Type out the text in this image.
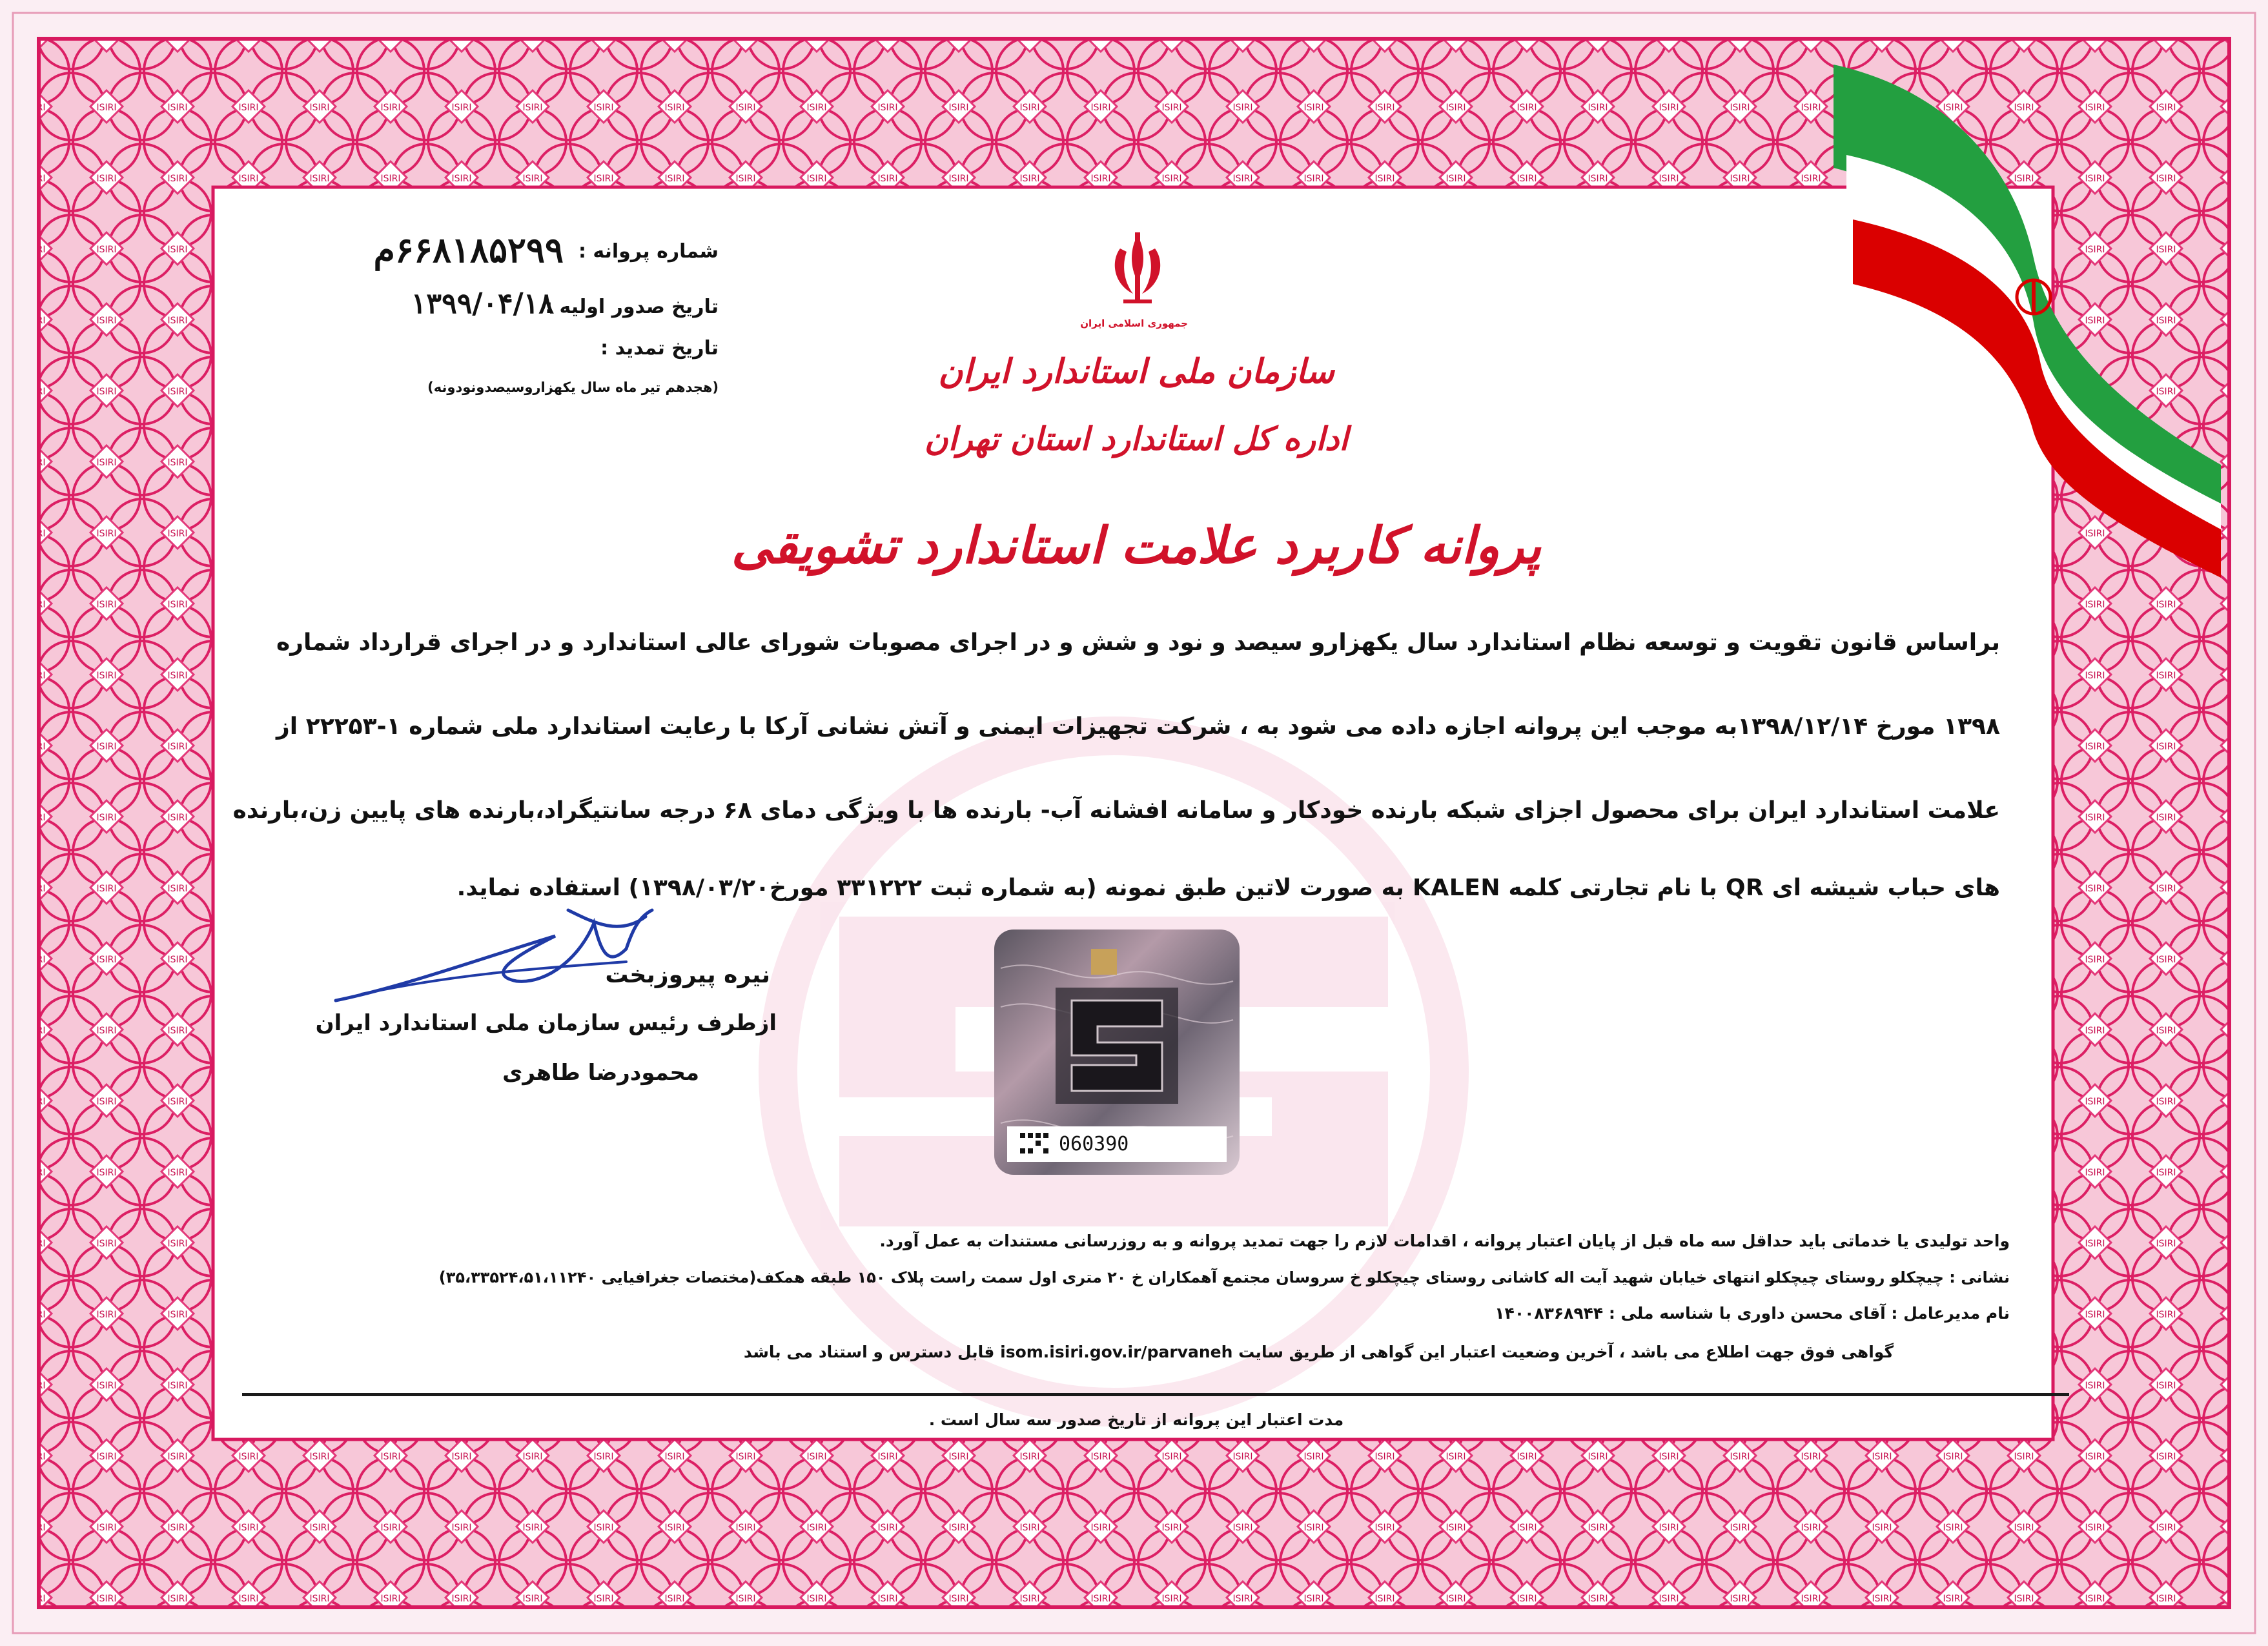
جمهوری اسلامی ایران
شماره پروانه :
۶۶۸۱۸۵۲۹۹م
تاریخ صدور اولیه :
۱۳۹۹/۰۴/۱۸
تاریخ تمدید :
(هجدهم تیر ماه سال یکهزاروسیصدونودونه)	سازمان ملی استاندارد ایران
اداره کل استاندارد استان تهران
پروانه کاربرد علامت استاندارد تشویقی
براساس قانون تقویت و توسعه نظام استاندارد سال یکهزارو سیصد و نود و شش و در اجرای مصوبات شورای عالی استاندارد و در اجرای قرارداد شماره
۱۳۹۸ مورخ ۱۳۹۸/۱۲/۱۴به موجب این پروانه اجازه داده می شود به ، شرکت تجهیزات ایمنی و آتش نشانی آرکا با رعایت استاندارد ملی شماره ۱-۲۲۲۵۳ از
علامت استاندارد ایران برای محصول اجزای شبکه بارنده خودکار و سامانه افشانه آب- بارنده ها با ویژگی دمای ۶۸ درجه سانتیگراد،بارنده های پایین زن،بارنده
های حباب شیشه ای QR با نام تجارتی کلمه KALEN به صورت لاتین طبق نمونه (به شماره ثبت ۳۳۱۲۲۲ مورخ۱۳۹۸/۰۳/۲۰) استفاده نماید.
نیره پیروزبخت
ازطرف رئیس سازمان ملی استاندارد ایران
محمودرضا طاهری
060390
واحد تولیدی یا خدماتی باید حداقل سه ماه قبل از پایان اعتبار پروانه ، اقدامات لازم را جهت تمدید پروانه و به روزرسانی مستندات به عمل آورد.
نشانی : چیچکلو روستای چیچکلو انتهای خیابان شهید آیت اله کاشانی روستای چیچکلو خ سروسان مجتمع آهمکاران خ ۲۰ متری اول سمت راست پلاک ۱۵۰ طبقه همکف(مختصات جغرافیایی ۳۵،۳۳۵۲۴،۵۱،۱۱۲۴۰)
نام مدیرعامل : آقای محسن داوری با شناسه ملی : ۱۴۰۰۸۳۶۸۹۴۴
گواهی فوق جهت اطلاع می باشد ، آخرین وضعیت اعتبار این گواهی از طریق سایت isom.isiri.gov.ir/parvaneh قابل دسترس و استناد می باشد
مدت اعتبار این پروانه از تاریخ صدور سه سال است .
